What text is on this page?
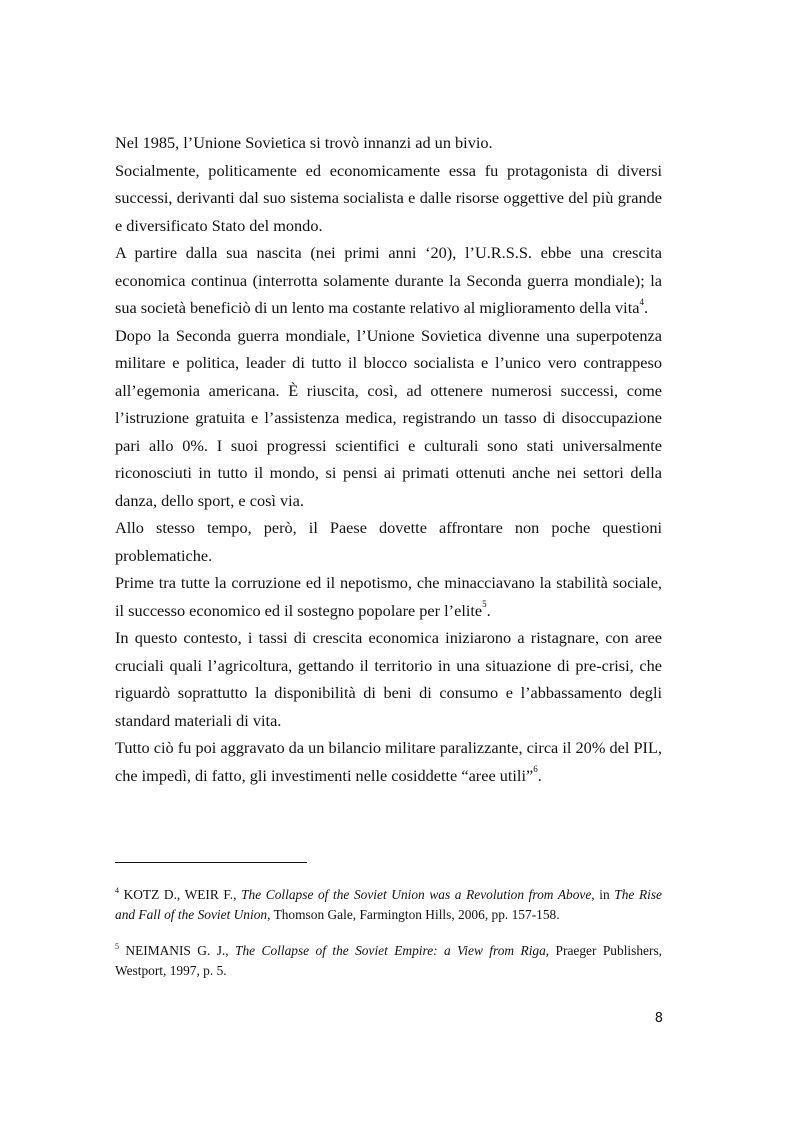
Nel 1985, l’Unione Sovietica si trovò innanzi ad un bivio.

Socialmente, politicamente ed economicamente essa fu protagonista di diversi successi, derivanti dal suo sistema socialista e dalle risorse oggettive del più grande e diversificato Stato del mondo.

A partire dalla sua nascita (nei primi anni ‘20), l’U.R.S.S. ebbe una crescita economica continua (interrotta solamente durante la Seconda guerra mondiale); la sua società beneficiò di un lento ma costante relativo al miglioramento della vita$^4$.

Dopo la Seconda guerra mondiale, l’Unione Sovietica divenne una superpotenza militare e politica, leader di tutto il blocco socialista e l’unico vero contrappeso all’egemonia americana. È riuscita, così, ad ottenere numerosi successi, come l’istruzione gratuita e l’assistenza medica, registrando un tasso di disoccupazione pari allo 0%. I suoi progressi scientifici e culturali sono stati universalmente riconosciuti in tutto il mondo, si pensi ai primati ottenuti anche nei settori della danza, dello sport, e così via.

Allo stesso tempo, però, il Paese dovette affrontare non poche questioni problematiche.

Prime tra tutte la corruzione ed il nepotismo, che minacciavano la stabilità sociale, il successo economico ed il sostegno popolare per l’elite$^5$.

In questo contesto, i tassi di crescita economica iniziarono a ristagnare, con aree cruciali quali l’agricoltura, gettando il territorio in una situazione di pre-crisi, che riguardò soprattutto la disponibilità di beni di consumo e l’abbassamento degli standard materiali di vita.

Tutto ciò fu poi aggravato da un bilancio militare paralizzante, circa il 20% del PIL, che impedì, di fatto, gli investimenti nelle cosiddette “aree utili”$^6$.

$^4$ KOTZ D., WEIR F., The Collapse of the Soviet Union was a Revolution from Above, in The Rise and Fall of the Soviet Union, Thomson Gale, Farmington Hills, 2006, pp. 157-158.

$^5$ NEIMANIS G. J., The Collapse of the Soviet Empire: a View from Riga, Praeger Publishers, Westport, 1997, p. 5.

8
